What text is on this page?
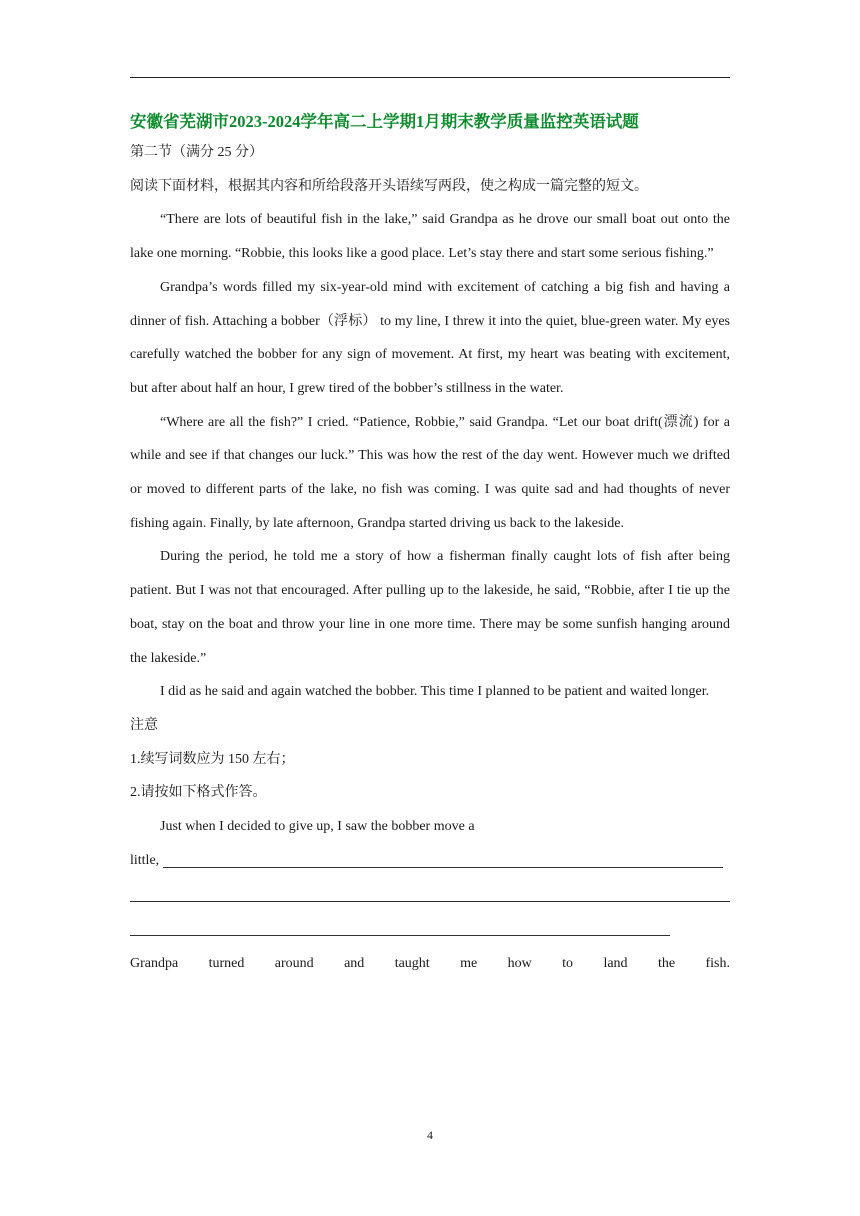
安徽省芜湖市2023-2024学年高二上学期1月期末教学质量监控英语试题

第二节（满分 25 分）

阅读下面材料，根据其内容和所给段落开头语续写两段，使之构成一篇完整的短文。

“There are lots of beautiful fish in the lake,” said Grandpa as he drove our small boat out onto the lake one morning. “Robbie, this looks like a good place. Let’s stay there and start some serious fishing.”

Grandpa’s words filled my six-year-old mind with excitement of catching a big fish and having a dinner of fish. Attaching a bobber（浮标） to my line, I threw it into the quiet, blue-green water. My eyes carefully watched the bobber for any sign of movement. At first, my heart was beating with excitement, but after about half an hour, I grew tired of the bobber’s stillness in the water.

“Where are all the fish?” I cried. “Patience, Robbie,” said Grandpa. “Let our boat drift(漂流) for a while and see if that changes our luck.” This was how the rest of the day went. However much we drifted or moved to different parts of the lake, no fish was coming. I was quite sad and had thoughts of never fishing again. Finally, by late afternoon, Grandpa started driving us back to the lakeside.

During the period, he told me a story of how a fisherman finally caught lots of fish after being patient. But I was not that encouraged. After pulling up to the lakeside, he said, “Robbie, after I tie up the boat, stay on the boat and throw your line in one more time. There may be some sunfish hanging around the lakeside.”

I did as he said and again watched the bobber. This time I planned to be patient and waited longer.

注意

1.续写词数应为 150 左右；

2.请按如下格式作答。

Just when I decided to give up, I saw the bobber move a

little,
Grandpa turned around and taught me how to land the fish.
4
